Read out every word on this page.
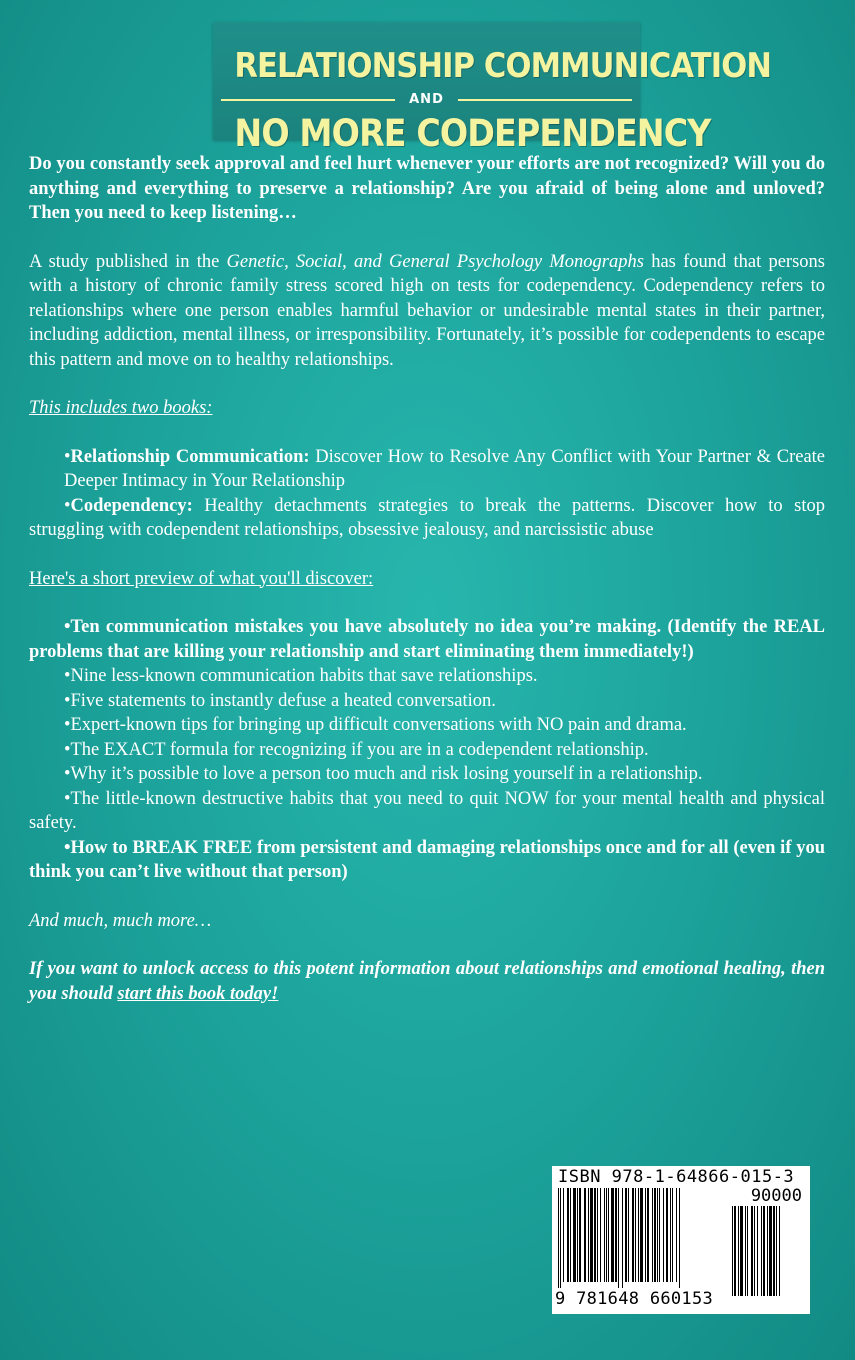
RELATIONSHIP COMMUNICATION
AND
NO MORE CODEPENDENCY

Do you constantly seek approval and feel hurt whenever your efforts are not recognized? Will you do anything and everything to preserve a relationship? Are you afraid of being alone and unloved? Then you need to keep listening…

A study published in the Genetic, Social, and General Psychology Monographs has found that persons with a history of chronic family stress scored high on tests for codependency. Codependency refers to relationships where one person enables harmful behavior or undesirable mental states in their partner, including addiction, mental illness, or irresponsibility. Fortunately, it’s possible for codependents to escape this pattern and move on to healthy relationships.

This includes two books:

•Relationship Communication: Discover How to Resolve Any Conflict with Your Partner & Create Deeper Intimacy in Your Relationship

•Codependency: Healthy detachments strategies to break the patterns. Discover how to stop struggling with codependent relationships, obsessive jealousy, and narcissistic abuse

Here's a short preview of what you'll discover:

•Ten communication mistakes you have absolutely no idea you’re making. (Identify the REAL problems that are killing your relationship and start eliminating them immediately!)

•Nine less-known communication habits that save relationships.

•Five statements to instantly defuse a heated conversation.

•Expert-known tips for bringing up difficult conversations with NO pain and drama.

•The EXACT formula for recognizing if you are in a codependent relationship.

•Why it’s possible to love a person too much and risk losing yourself in a relationship.

•The little-known destructive habits that you need to quit NOW for your mental health and physical safety.

•How to BREAK FREE from persistent and damaging relationships once and for all (even if you think you can’t live without that person)

And much, much more…

If you want to unlock access to this potent information about relationships and emotional healing, then you should start this book today!

ISBN 978-1-64866-015-3
90000
9 781648 660153
